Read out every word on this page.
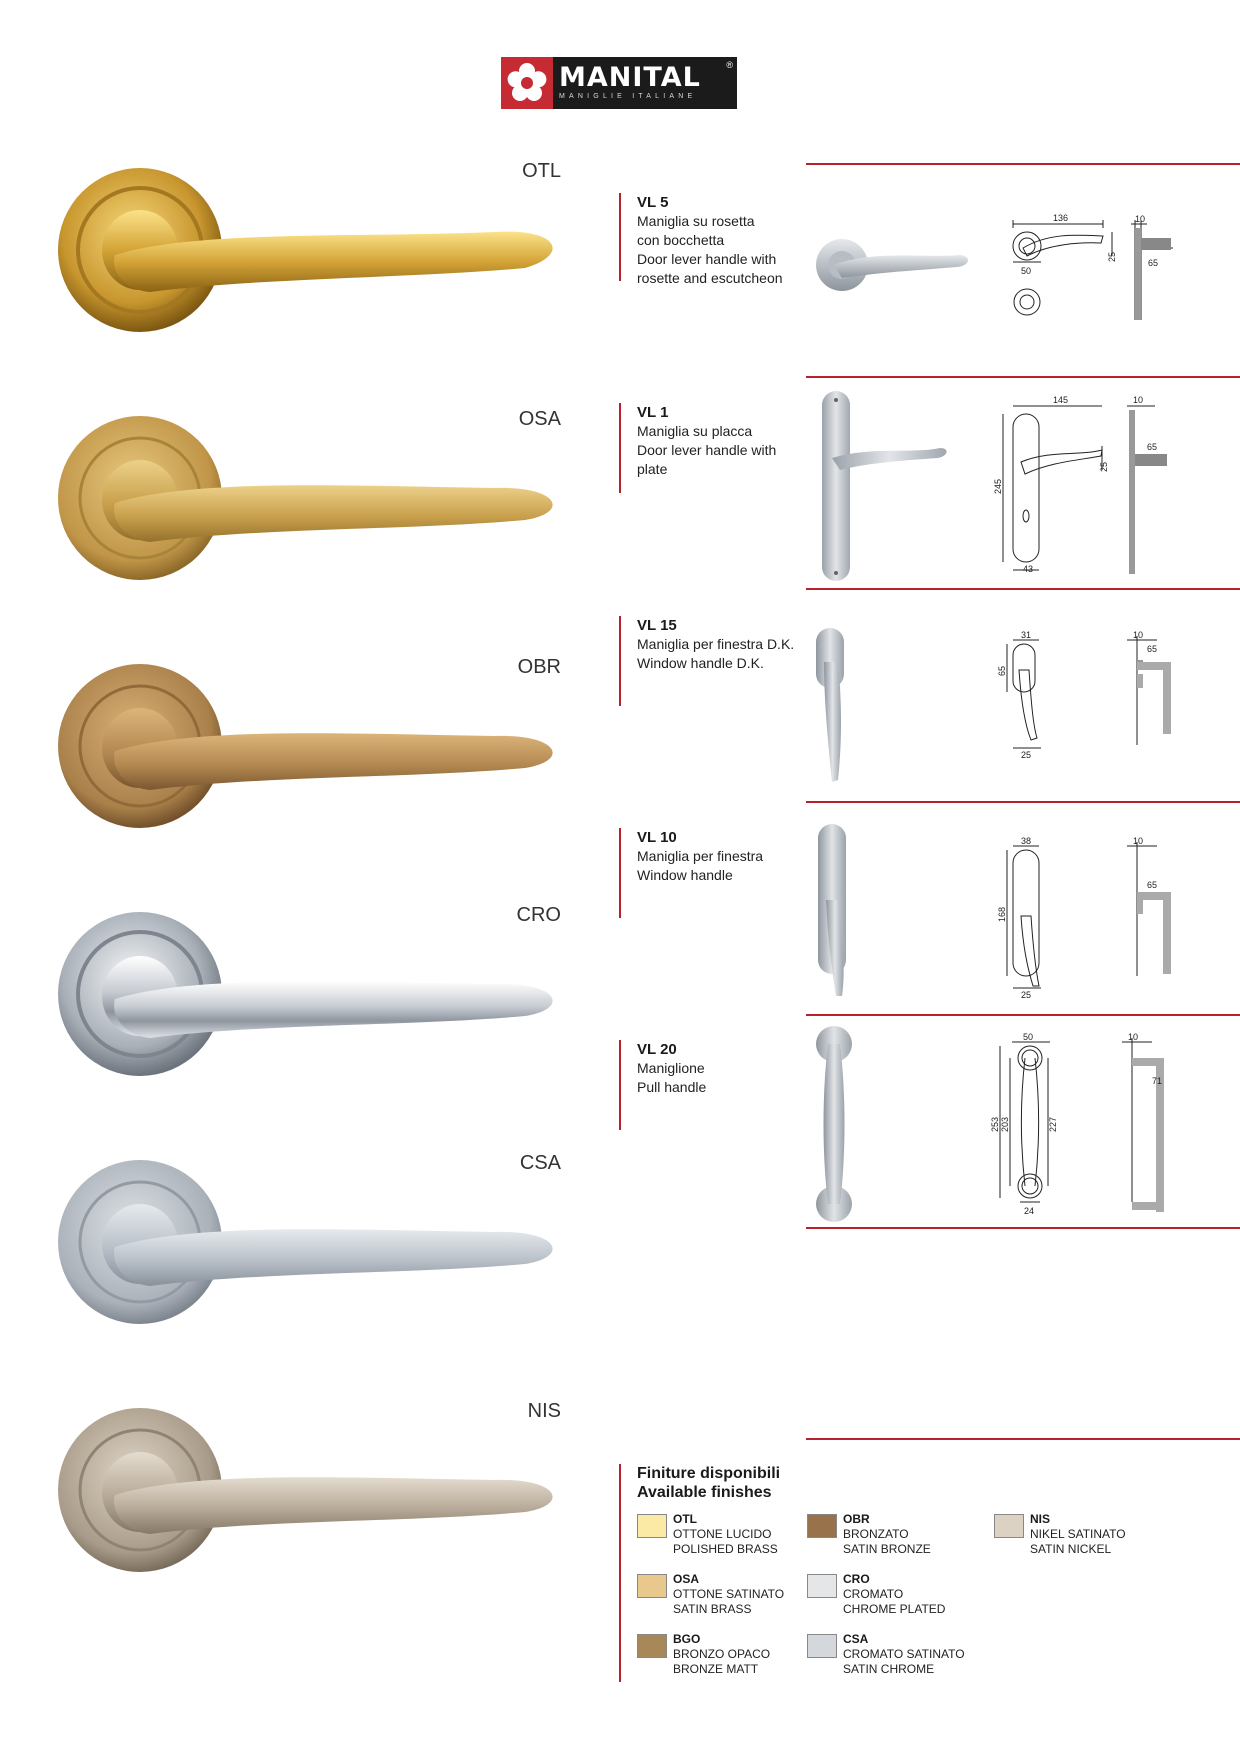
MANITAL
MANIGLIE ITALIANE
®
OTL
OSA
OBR
CRO
CSA
NIS
VL 5
Maniglia su rosetta
con bocchetta
Door lever handle with
rosette and escutcheon
136
25
50
10
65
VL 1
Maniglia su placca
Door lever handle with plate
145
25
245
43
10
65
VL 15
Maniglia per finestra D.K.
Window handle D.K.
31
65
25
10
65
VL 10
Maniglia per finestra
Window handle
38
168
25
10
65
VL 20
Maniglione
Pull handle
50
253 203	227
24
10
71
Finiture disponibili
Available finishes
OTL
OTTONE LUCIDO
POLISHED BRASS
OSA
OTTONE SATINATO
SATIN BRASS
BGO
BRONZO OPACO
BRONZE MATT
OBR
BRONZATO
SATIN BRONZE
CRO
CROMATO
CHROME PLATED
CSA
CROMATO SATINATO
SATIN CHROME
NIS
NIKEL SATINATO
SATIN NICKEL
